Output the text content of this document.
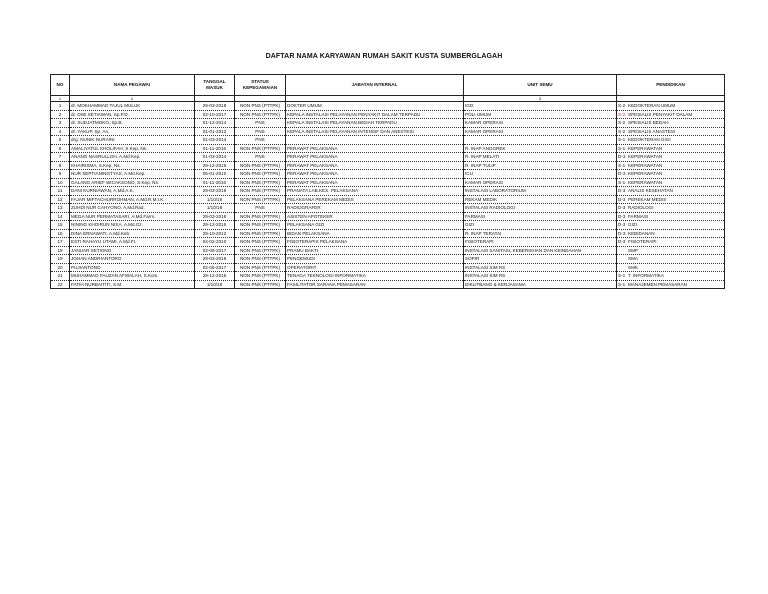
DAFTAR NAMA KARYAWAN RUMAH SAKIT KUSTA SUMBERGLAGAH
NO	NAMA PEGAWAI	TANGGAL MASUK	STATUS KEPEGAWAIAN	JABATAN INTERNAL	UNIT SEMU	PENDIDIKAN
1	2				3	
1	dr. MOKHAMMAD TAJUL MULUK	29-03-2018	NON PNS (PTTPK)	DOKTER UMUM	IGD	S-2 KEDOKTERAN UMUM
2	dr. DWI SETIAWAN, Sp.P.D.	02-10-2017	NON PNS (PTTPK)	KEPALA INSTALASI PELAYANAN PENYAKIT DALAM TERPADU	POLI UMUM	S-2 SPESIALIS PENYAKIT DALAM
3	dr. SUDJATMOKO, Sp.B.	01-12-2014	PNS	KEPALA INSTALASI PELAYANAN BEDAH TERPADU	KAMAR OPERASI	S-2 SPESIALIS BEDAH
4	dr. YAKUP, Sp. An.	01-01-2012	PNS	KEPALA INSTALASI PELAYANAN INTENSIF DAN ANESTESI	KAMAR OPERASI	S-2 SPESIALIS ANASTESI
5	drg. NUNIK NURAINI	01-03-2014	PNS			S-1 KEDOKTERAN GIGI
6	AMALIYATUL KHOLIFAH, S.Kep, Ns.	01-11-2016	NON PNS (PTTPK)	PERAWAT PELAKSANA	R. INAP ANGGREK	S-1 KEPERAWATAN
7	ANANG NASRULLOH, A.Md.Kep.	01-03-2014	PNS	PERAWAT PELAKSANA	R. INAP MELATI	D-3 KEPERAWATAN
8	KHAIRISMA, S.Kep, Ns.	29-12-2015	NON PNS (PTTPK)	PERAWAT PELAKSANA	R. INAP TULIP	S-1 KEPERAWATAN
9	NUR SEPTIANINGTYAS, A.Md.Kep.	05-01-2010	NON PNS (PTTPK)	PERAWAT PELAKSANA	ICU	D-3 KEPERAWATAN
10	GALANG ARIEF WICAKSONO, S.Kep, Ns.	01-11-2016	NON PNS (PTTPK)	PERAWAT PELAKSANA	KAMAR OPERASI	S-1 KEPERAWATAN
11	DANI KURNIAWAN, A.Md.A.K.	29-03-2018	NON PNS (PTTPK)	PRANATA LAB.KES. PELAKSANA	INSTALASI LABORATORIUM	D-3 ANALIS KESEHATAN
12	FAJAR MIFTACHURROHMAN, A.Md.R.M.I.K.	1/10/18	NON PNS (PTTPK)	PELAKSANA PEREKAM MEDIS	REKAM MEDIK	D-3 PEREKAM MEDIS
13	ZUHDI NUR CAHYONO, A.Md.Rad.	1/10/18	PNS	RADIOGRAFER	INSTALASI RADIOLOGI	D-3 RADIOLOGI
14	MEGA NUR PERMATASARI, A.Md.Farm.	29-03-2018	NON PNS (PTTPK)	ASISTEN APOTEKER	FARMASI	D-3 FARMASI
15	NINING KHOIRUN NISA, A.Md.Gz.	29-12-2015	NON PNS (PTTPK)	PELAKSANA GIZI	GIZI	D-3 GIZI
16	DINA ERNAWATI, A.Md.Keb.	29-10-2012	NON PNS (PTTPK)	BIDAN PELAKSANA	R. INAP TERATAI	D-3 KEBIDANAN
17	ESTI RAHAYU UTAMI, A.Md.Ft.	04-02-2010	NON PNS (PTTPK)	FISIOTERAPIS PELAKSANA	FISIOTERAPI	D-3 FISIOTERAPI
18	JANUAR SETIONO	02-06-2017	NON PNS (PTTPK)	PRAMU BAKTI	INSTALASI SANITASI, KEBERSIHAN DAN KEINDAHAN	SMP
19	JOHAN ANDRIANTORO	29-03-2018	NON PNS (PTTPK)	PENGEMUDI	SOPIR	SMA
20	PUJIANTONO	02-06-2017	NON PNS (PTTPK)	OPERATORIT	INSTALASI SIM RS	SMK
21	MUHAMMAD FAUZAN AFWALAH, S.Kom.	29-12-2015	NON PNS (PTTPK)	TENAGA TEKNOLOGI INFORMATIKA	INSTALASI SIM RS	S-1 T. INFORMATIKA
22	FATIH NURBAITITI, S.M.	1/10/18	NON PNS (PTTPK)	FASILITATOR SARANA PEMASARAN	DIKLITBANG & KERJASAMA	S-1 MANAJEMEN PEMASARAN
